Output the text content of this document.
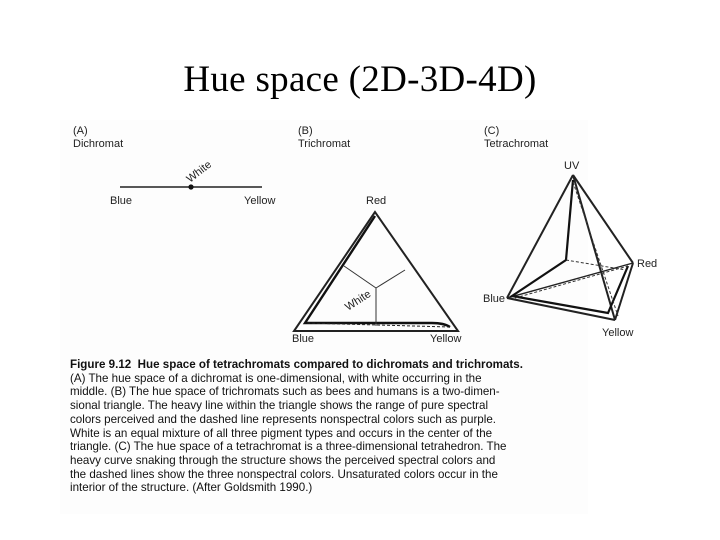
Hue space (2D-3D-4D)
(A)
Dichromat
(B)
Trichromat
(C)
Tetrachromat
White
Blue	Yellow
White
Red
Blue	Yellow
UV
Red
Blue
Yellow
Figure 9.12 Hue space of tetrachromats compared to dichromats and trichromats.
(A) The hue space of a dichromat is one-dimensional, with white occurring in the
middle. (B) The hue space of trichromats such as bees and humans is a two-dimen-
sional triangle. The heavy line within the triangle shows the range of pure spectral
colors perceived and the dashed line represents nonspectral colors such as purple.
White is an equal mixture of all three pigment types and occurs in the center of the
triangle. (C) The hue space of a tetrachromat is a three-dimensional tetrahedron. The
heavy curve snaking through the structure shows the perceived spectral colors and
the dashed lines show the three nonspectral colors. Unsaturated colors occur in the
interior of the structure. (After Goldsmith 1990.)
